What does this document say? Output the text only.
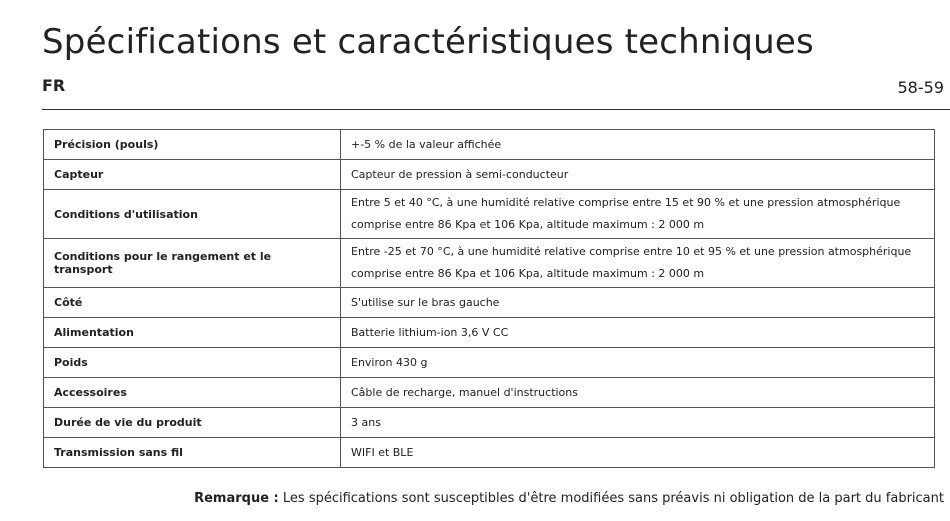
Spécifications et caractéristiques techniques
FR	58-59
Précision (pouls)	+-5 % de la valeur affichée
Capteur	Capteur de pression à semi-conducteur
Conditions d'utilisation	Entre 5 et 40 °C, à une humidité relative comprise entre 15 et 90 % et une pression atmosphérique comprise entre 86 Kpa et 106 Kpa, altitude maximum : 2 000 m
Conditions pour le rangement et le transport	Entre -25 et 70 °C, à une humidité relative comprise entre 10 et 95 % et une pression atmosphérique comprise entre 86 Kpa et 106 Kpa, altitude maximum : 2 000 m
Côté	S'utilise sur le bras gauche
Alimentation	Batterie lithium-ion 3,6 V CC
Poids	Environ 430 g
Accessoires	Câble de recharge, manuel d'instructions
Durée de vie du produit	3 ans
Transmission sans fil	WIFI et BLE
Remarque : Les spécifications sont susceptibles d'être modifiées sans préavis ni obligation de la part du fabricant
